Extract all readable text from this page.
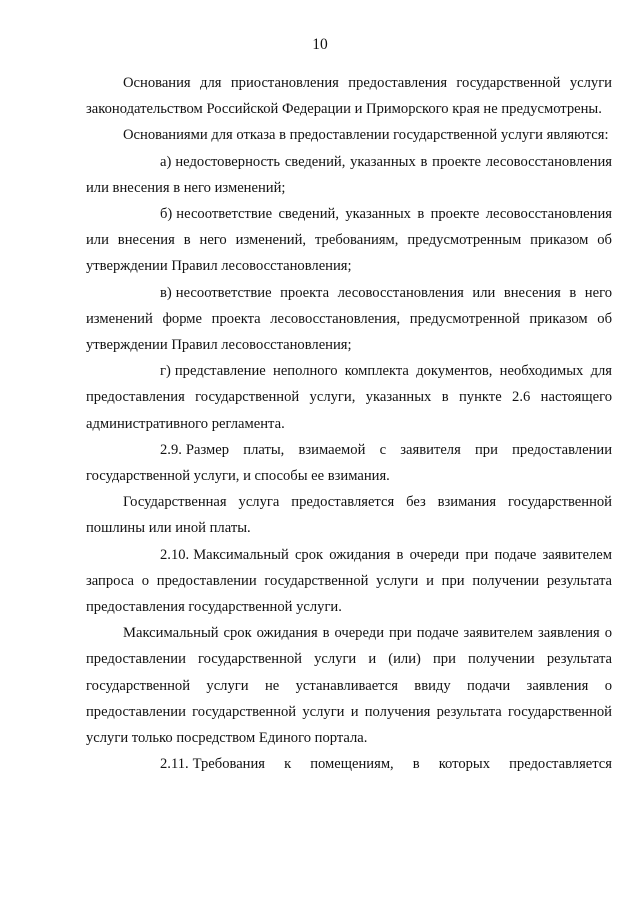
10

Основания для приостановления предоставления государственной услуги законодательством Российской Федерации и Приморского края не предусмотрены.

Основаниями для отказа в предоставлении государственной услуги являются:

а) недостоверность сведений, указанных в проекте лесовосстановления или внесения в него изменений;

б) несоответствие сведений, указанных в проекте лесовосстановления или внесения в него изменений, требованиям, предусмотренным приказом об утверждении Правил лесовосстановления;

в) несоответствие проекта лесовосстановления или внесения в него изменений форме проекта лесовосстановления, предусмотренной приказом об утверждении Правил лесовосстановления;

г) представление неполного комплекта документов, необходимых для предоставления государственной услуги, указанных в пункте 2.6 настоящего административного регламента.

2.9. Размер платы, взимаемой с заявителя при предоставлении государственной услуги, и способы ее взимания.

Государственная услуга предоставляется без взимания государственной пошлины или иной платы.

2.10. Максимальный срок ожидания в очереди при подаче заявителем запроса о предоставлении государственной услуги и при получении результата предоставления государственной услуги.

Максимальный срок ожидания в очереди при подаче заявителем заявления о предоставлении государственной услуги и (или) при получении результата государственной услуги не устанавливается ввиду подачи заявления о предоставлении государственной услуги и получения результата государственной услуги только посредством Единого портала.

2.11. Требования к помещениям, в которых предоставляется
